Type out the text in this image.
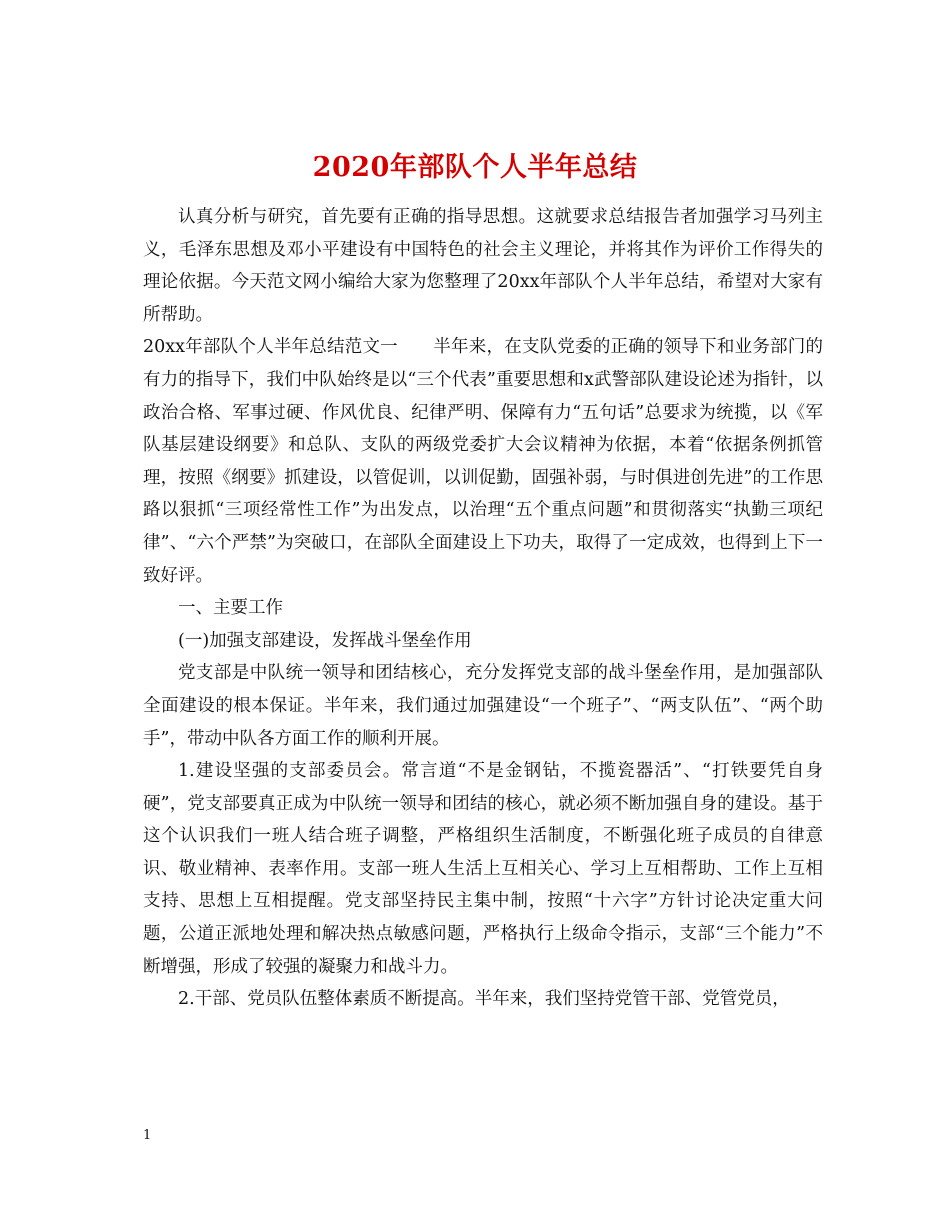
2020年部队个人半年总结

认真分析与研究，首先要有正确的指导思想。这就要求总结报告者加强学习马列主义，毛泽东思想及邓小平建设有中国特色的社会主义理论，并将其作为评价工作得失的理论依据。今天范文网小编给大家为您整理了20xx年部队个人半年总结，希望对大家有所帮助。

20xx年部队个人半年总结范文一　　半年来，在支队党委的正确的领导下和业务部门的有力的指导下，我们中队始终是以“三个代表”重要思想和x武警部队建设论述为指针，以政治合格、军事过硬、作风优良、纪律严明、保障有力“五句话”总要求为统揽，以《军队基层建设纲要》和总队、支队的两级党委扩大会议精神为依据，本着“依据条例抓管理，按照《纲要》抓建设，以管促训，以训促勤，固强补弱，与时俱进创先进”的工作思路以狠抓“三项经常性工作”为出发点，以治理“五个重点问题”和贯彻落实“执勤三项纪律”、“六个严禁”为突破口，在部队全面建设上下功夫，取得了一定成效，也得到上下一致好评。

一、主要工作

(一)加强支部建设，发挥战斗堡垒作用

党支部是中队统一领导和团结核心，充分发挥党支部的战斗堡垒作用，是加强部队全面建设的根本保证。半年来，我们通过加强建设“一个班子”、“两支队伍”、“两个助手”，带动中队各方面工作的顺利开展。

1.建设坚强的支部委员会。常言道“不是金钢钻，不揽瓷器活”、“打铁要凭自身硬”，党支部要真正成为中队统一领导和团结的核心，就必须不断加强自身的建设。基于这个认识我们一班人结合班子调整，严格组织生活制度，不断强化班子成员的自律意识、敬业精神、表率作用。支部一班人生活上互相关心、学习上互相帮助、工作上互相支持、思想上互相提醒。党支部坚持民主集中制，按照“十六字”方针讨论决定重大问题，公道正派地处理和解决热点敏感问题，严格执行上级命令指示，支部“三个能力”不断增强，形成了较强的凝聚力和战斗力。

2.干部、党员队伍整体素质不断提高。半年来，我们坚持党管干部、党管党员，

1
